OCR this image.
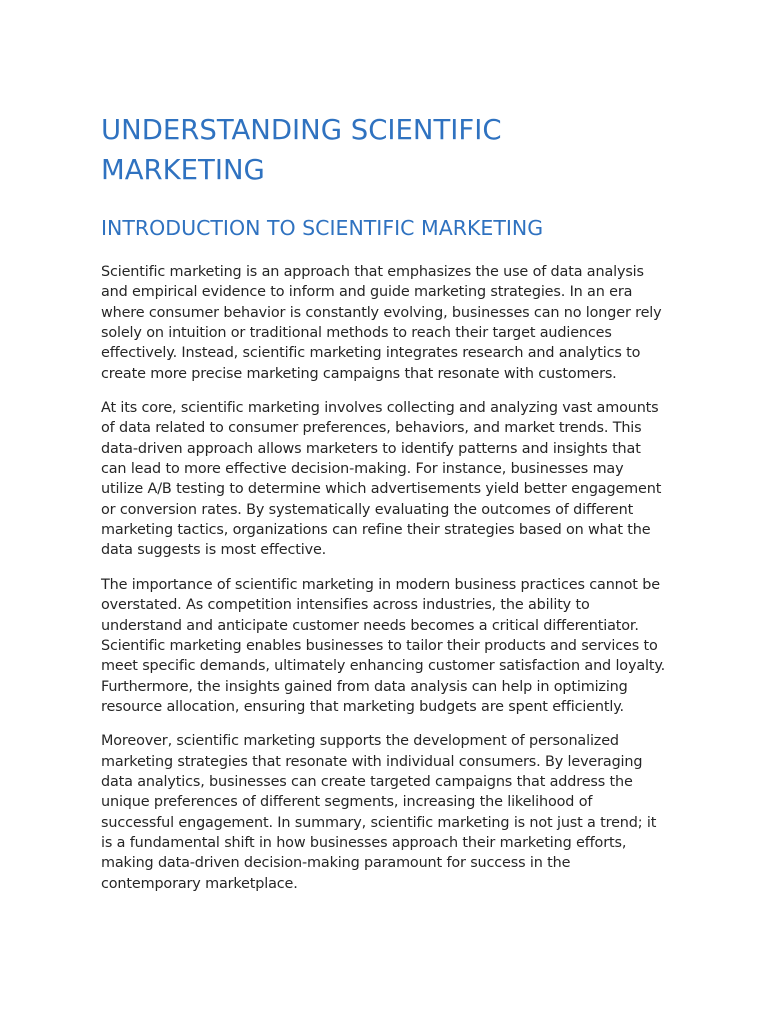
UNDERSTANDING SCIENTIFIC MARKETING
INTRODUCTION TO SCIENTIFIC MARKETING

Scientific marketing is an approach that emphasizes the use of data analysis and empirical evidence to inform and guide marketing strategies. In an era where consumer behavior is constantly evolving, businesses can no longer rely solely on intuition or traditional methods to reach their target audiences effectively. Instead, scientific marketing integrates research and analytics to create more precise marketing campaigns that resonate with customers.

At its core, scientific marketing involves collecting and analyzing vast amounts of data related to consumer preferences, behaviors, and market trends. This data-driven approach allows marketers to identify patterns and insights that can lead to more effective decision-making. For instance, businesses may utilize A/B testing to determine which advertisements yield better engagement or conversion rates. By systematically evaluating the outcomes of different marketing tactics, organizations can refine their strategies based on what the data suggests is most effective.

The importance of scientific marketing in modern business practices cannot be overstated. As competition intensifies across industries, the ability to understand and anticipate customer needs becomes a critical differentiator. Scientific marketing enables businesses to tailor their products and services to meet specific demands, ultimately enhancing customer satisfaction and loyalty. Furthermore, the insights gained from data analysis can help in optimizing resource allocation, ensuring that marketing budgets are spent efficiently.

Moreover, scientific marketing supports the development of personalized marketing strategies that resonate with individual consumers. By leveraging data analytics, businesses can create targeted campaigns that address the unique preferences of different segments, increasing the likelihood of successful engagement. In summary, scientific marketing is not just a trend; it is a fundamental shift in how businesses approach their marketing efforts, making data-driven decision-making paramount for success in the contemporary marketplace.
